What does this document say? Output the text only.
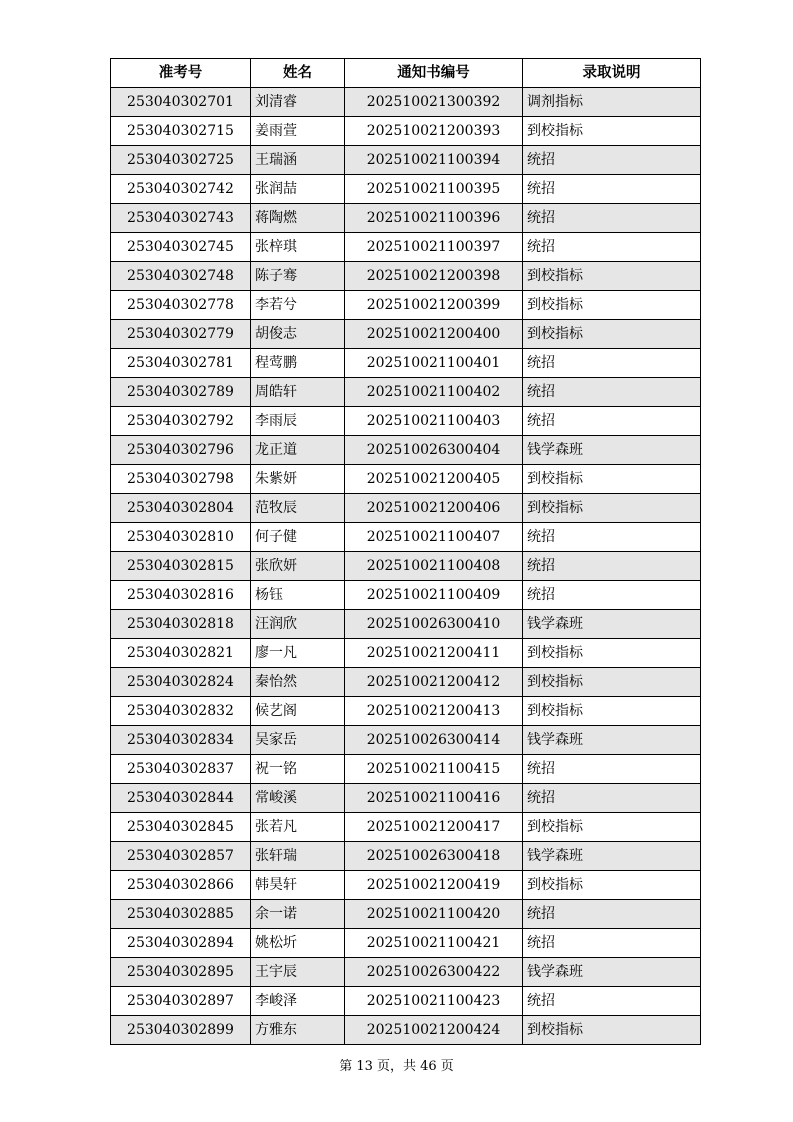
准考号	姓名	通知书编号	录取说明
253040302701	刘清睿	202510021300392	调剂指标
253040302715	姜雨萱	202510021200393	到校指标
253040302725	王瑞涵	202510021100394	统招
253040302742	张润喆	202510021100395	统招
253040302743	蒋陶燃	202510021100396	统招
253040302745	张梓琪	202510021100397	统招
253040302748	陈子骞	202510021200398	到校指标
253040302778	李若兮	202510021200399	到校指标
253040302779	胡俊志	202510021200400	到校指标
253040302781	程莺鹏	202510021100401	统招
253040302789	周皓轩	202510021100402	统招
253040302792	李雨辰	202510021100403	统招
253040302796	龙正道	202510026300404	钱学森班
253040302798	朱紫妍	202510021200405	到校指标
253040302804	范牧辰	202510021200406	到校指标
253040302810	何子健	202510021100407	统招
253040302815	张欣妍	202510021100408	统招
253040302816	杨钰	202510021100409	统招
253040302818	汪润欣	202510026300410	钱学森班
253040302821	廖一凡	202510021200411	到校指标
253040302824	秦怡然	202510021200412	到校指标
253040302832	候艺阁	202510021200413	到校指标
253040302834	吴家岳	202510026300414	钱学森班
253040302837	祝一铭	202510021100415	统招
253040302844	常峻溪	202510021100416	统招
253040302845	张若凡	202510021200417	到校指标
253040302857	张轩瑞	202510026300418	钱学森班
253040302866	韩昊轩	202510021200419	到校指标
253040302885	余一诺	202510021100420	统招
253040302894	姚松圻	202510021100421	统招
253040302895	王宇辰	202510026300422	钱学森班
253040302897	李峻泽	202510021100423	统招
253040302899	方雅东	202510021200424	到校指标
第 13 页，共 46 页
